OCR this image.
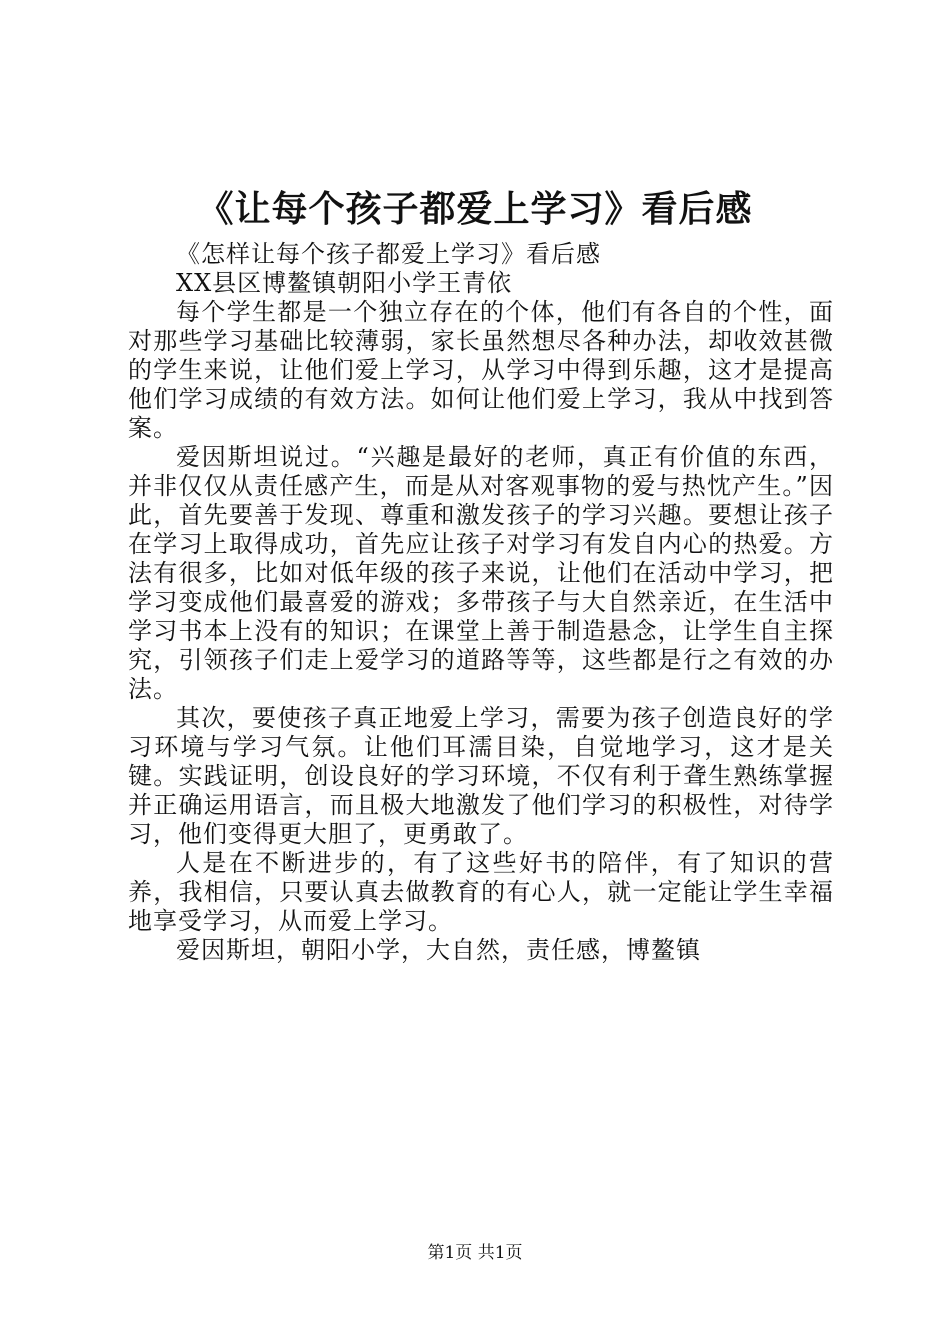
《让每个孩子都爱上学习》看后感

《怎样让每个孩子都爱上学习》看后感

XX县区博鳌镇朝阳小学王青依

每个学生都是一个独立存在的个体，他们有各自的个性，面对那些学习基础比较薄弱，家长虽然想尽各种办法，却收效甚微的学生来说，让他们爱上学习，从学习中得到乐趣，这才是提高他们学习成绩的有效方法。如何让他们爱上学习，我从中找到答案。

爱因斯坦说过。“兴趣是最好的老师，真正有价值的东西，并非仅仅从责任感产生，而是从对客观事物的爱与热忱产生。”因此，首先要善于发现、尊重和激发孩子的学习兴趣。要想让孩子在学习上取得成功，首先应让孩子对学习有发自内心的热爱。方法有很多，比如对低年级的孩子来说，让他们在活动中学习，把学习变成他们最喜爱的游戏；多带孩子与大自然亲近，在生活中学习书本上没有的知识；在课堂上善于制造悬念，让学生自主探究，引领孩子们走上爱学习的道路等等，这些都是行之有效的办法。

其次，要使孩子真正地爱上学习，需要为孩子创造良好的学习环境与学习气氛。让他们耳濡目染，自觉地学习，这才是关键。实践证明，创设良好的学习环境，不仅有利于聋生熟练掌握并正确运用语言，而且极大地激发了他们学习的积极性，对待学习，他们变得更大胆了，更勇敢了。

人是在不断进步的，有了这些好书的陪伴，有了知识的营养，我相信，只要认真去做教育的有心人，就一定能让学生幸福地享受学习，从而爱上学习。

爱因斯坦，朝阳小学，大自然，责任感，博鳌镇

第1页 共1页
